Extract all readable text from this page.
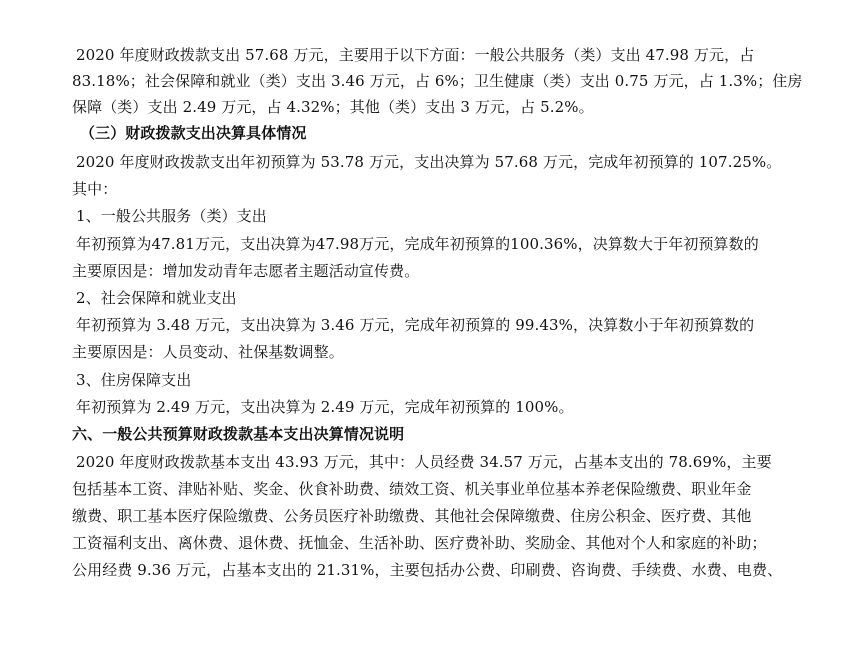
2020 年度财政拨款支出 57.68 万元，主要用于以下方面：一般公共服务（类）支出 47.98 万元，占
83.18%；社会保障和就业（类）支出 3.46 万元，占 6%；卫生健康（类）支出 0.75 万元，占 1.3%；住房
保障（类）支出 2.49 万元，占 4.32%；其他（类）支出 3 万元，占 5.2%。
（三）财政拨款支出决算具体情况
2020 年度财政拨款支出年初预算为 53.78 万元，支出决算为 57.68 万元，完成年初预算的 107.25%。
其中：
1、一般公共服务（类）支出
年初预算为47.81万元，支出决算为47.98万元，完成年初预算的100.36%，决算数大于年初预算数的
主要原因是：增加发动青年志愿者主题活动宣传费。
2、社会保障和就业支出
年初预算为 3.48 万元，支出决算为 3.46 万元，完成年初预算的 99.43%，决算数小于年初预算数的
主要原因是：人员变动、社保基数调整。
3、住房保障支出
年初预算为 2.49 万元，支出决算为 2.49 万元，完成年初预算的 100%。
六、一般公共预算财政拨款基本支出决算情况说明
2020 年度财政拨款基本支出 43.93 万元，其中：人员经费 34.57 万元，占基本支出的 78.69%，主要
包括基本工资、津贴补贴、奖金、伙食补助费、绩效工资、机关事业单位基本养老保险缴费、职业年金
缴费、职工基本医疗保险缴费、公务员医疗补助缴费、其他社会保障缴费、住房公积金、医疗费、其他
工资福利支出、离休费、退休费、抚恤金、生活补助、医疗费补助、奖励金、其他对个人和家庭的补助；
公用经费 9.36 万元，占基本支出的 21.31%，主要包括办公费、印刷费、咨询费、手续费、水费、电费、
